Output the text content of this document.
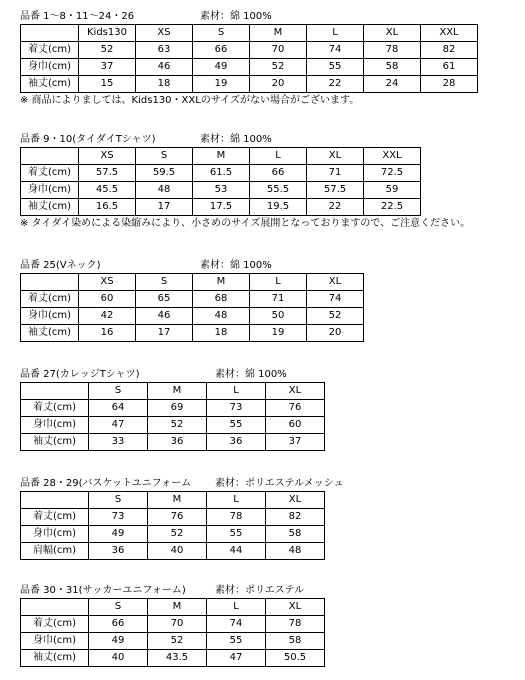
品番 1～8・11～24・26	素材：綿 100%
	Kids130	XS	S	M	L	XL	XXL
着丈(cm)	52	63	66	70	74	78	82
身巾(cm)	37	46	49	52	55	58	61
袖丈(cm)	15	18	19	20	22	24	28
※ 商品によりましては、Kids130・XXLのサイズがない場合がございます。
品番 9・10(タイダイTシャツ)	素材：綿 100%
	XS	S	M	L	XL	XXL
着丈(cm)	57.5	59.5	61.5	66	71	72.5
身巾(cm)	45.5	48	53	55.5	57.5	59
袖丈(cm)	16.5	17	17.5	19.5	22	22.5
※ タイダイ染めによる染縮みにより、小さめのサイズ展開となっておりますので、ご注意ください。
品番 25(Vネック)	素材：綿 100%
	XS	S	M	L	XL
着丈(cm)	60	65	68	71	74
身巾(cm)	42	46	48	50	52
袖丈(cm)	16	17	18	19	20
品番 27(カレッジTシャツ)	素材：綿 100%
	S	M	L	XL
着丈(cm)	64	69	73	76
身巾(cm)	47	52	55	60
袖丈(cm)	33	36	36	37
品番 28・29(バスケットユニフォーム 素材：ポリエステルメッシュ
	S	M	L	XL
着丈(cm)	73	76	78	82
身巾(cm)	49	52	55	58
肩幅(cm)	36	40	44	48
品番 30・31(サッカーユニフォーム)	素材：ポリエステル
	S	M	L	XL
着丈(cm)	66	70	74	78
身巾(cm)	49	52	55	58
袖丈(cm)	40	43.5	47	50.5
